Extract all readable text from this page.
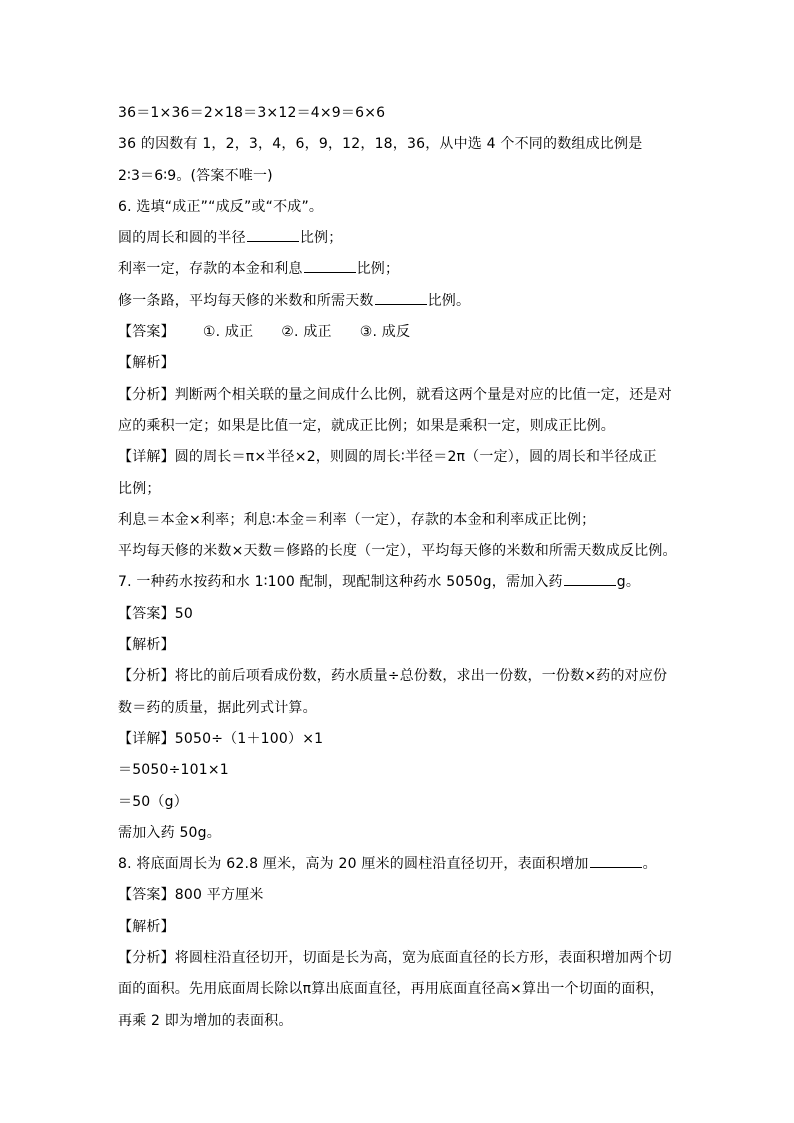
36＝1×36＝2×18＝3×12＝4×9＝6×6
36 的因数有 1，2，3，4，6，9，12，18，36，从中选 4 个不同的数组成比例是
2∶3＝6∶9。(答案不唯一)
6. 选填“成正”“成反”或“不成”。
圆的周长和圆的半径	比例；
利率一定，存款的本金和利息	比例；
修一条路，平均每天修的米数和所需天数	比例。
【答案】 ①. 成正 ②. 成正 ③. 成反
【解析】
【分析】判断两个相关联的量之间成什么比例，就看这两个量是对应的比值一定，还是对
应的乘积一定；如果是比值一定，就成正比例；如果是乘积一定，则成正比例。
【详解】圆的周长＝π×半径×2，则圆的周长∶半径＝2π（一定），圆的周长和半径成正
比例；
利息＝本金×利率；利息∶本金＝利率（一定），存款的本金和利率成正比例；
平均每天修的米数×天数＝修路的长度（一定），平均每天修的米数和所需天数成反比例。
7. 一种药水按药和水 1∶100 配制，现配制这种药水 5050g，需加入药	g。
【答案】50
【解析】
【分析】将比的前后项看成份数，药水质量÷总份数，求出一份数，一份数×药的对应份
数＝药的质量，据此列式计算。
【详解】5050÷（1＋100）×1
＝5050÷101×1
＝50（g）
需加入药 50g。
8. 将底面周长为 62.8 厘米，高为 20 厘米的圆柱沿直径切开，表面积增加	。
【答案】800 平方厘米
【解析】
【分析】将圆柱沿直径切开，切面是长为高，宽为底面直径的长方形，表面积增加两个切
面的面积。先用底面周长除以π算出底面直径，再用底面直径高×算出一个切面的面积，
再乘 2 即为增加的表面积。
